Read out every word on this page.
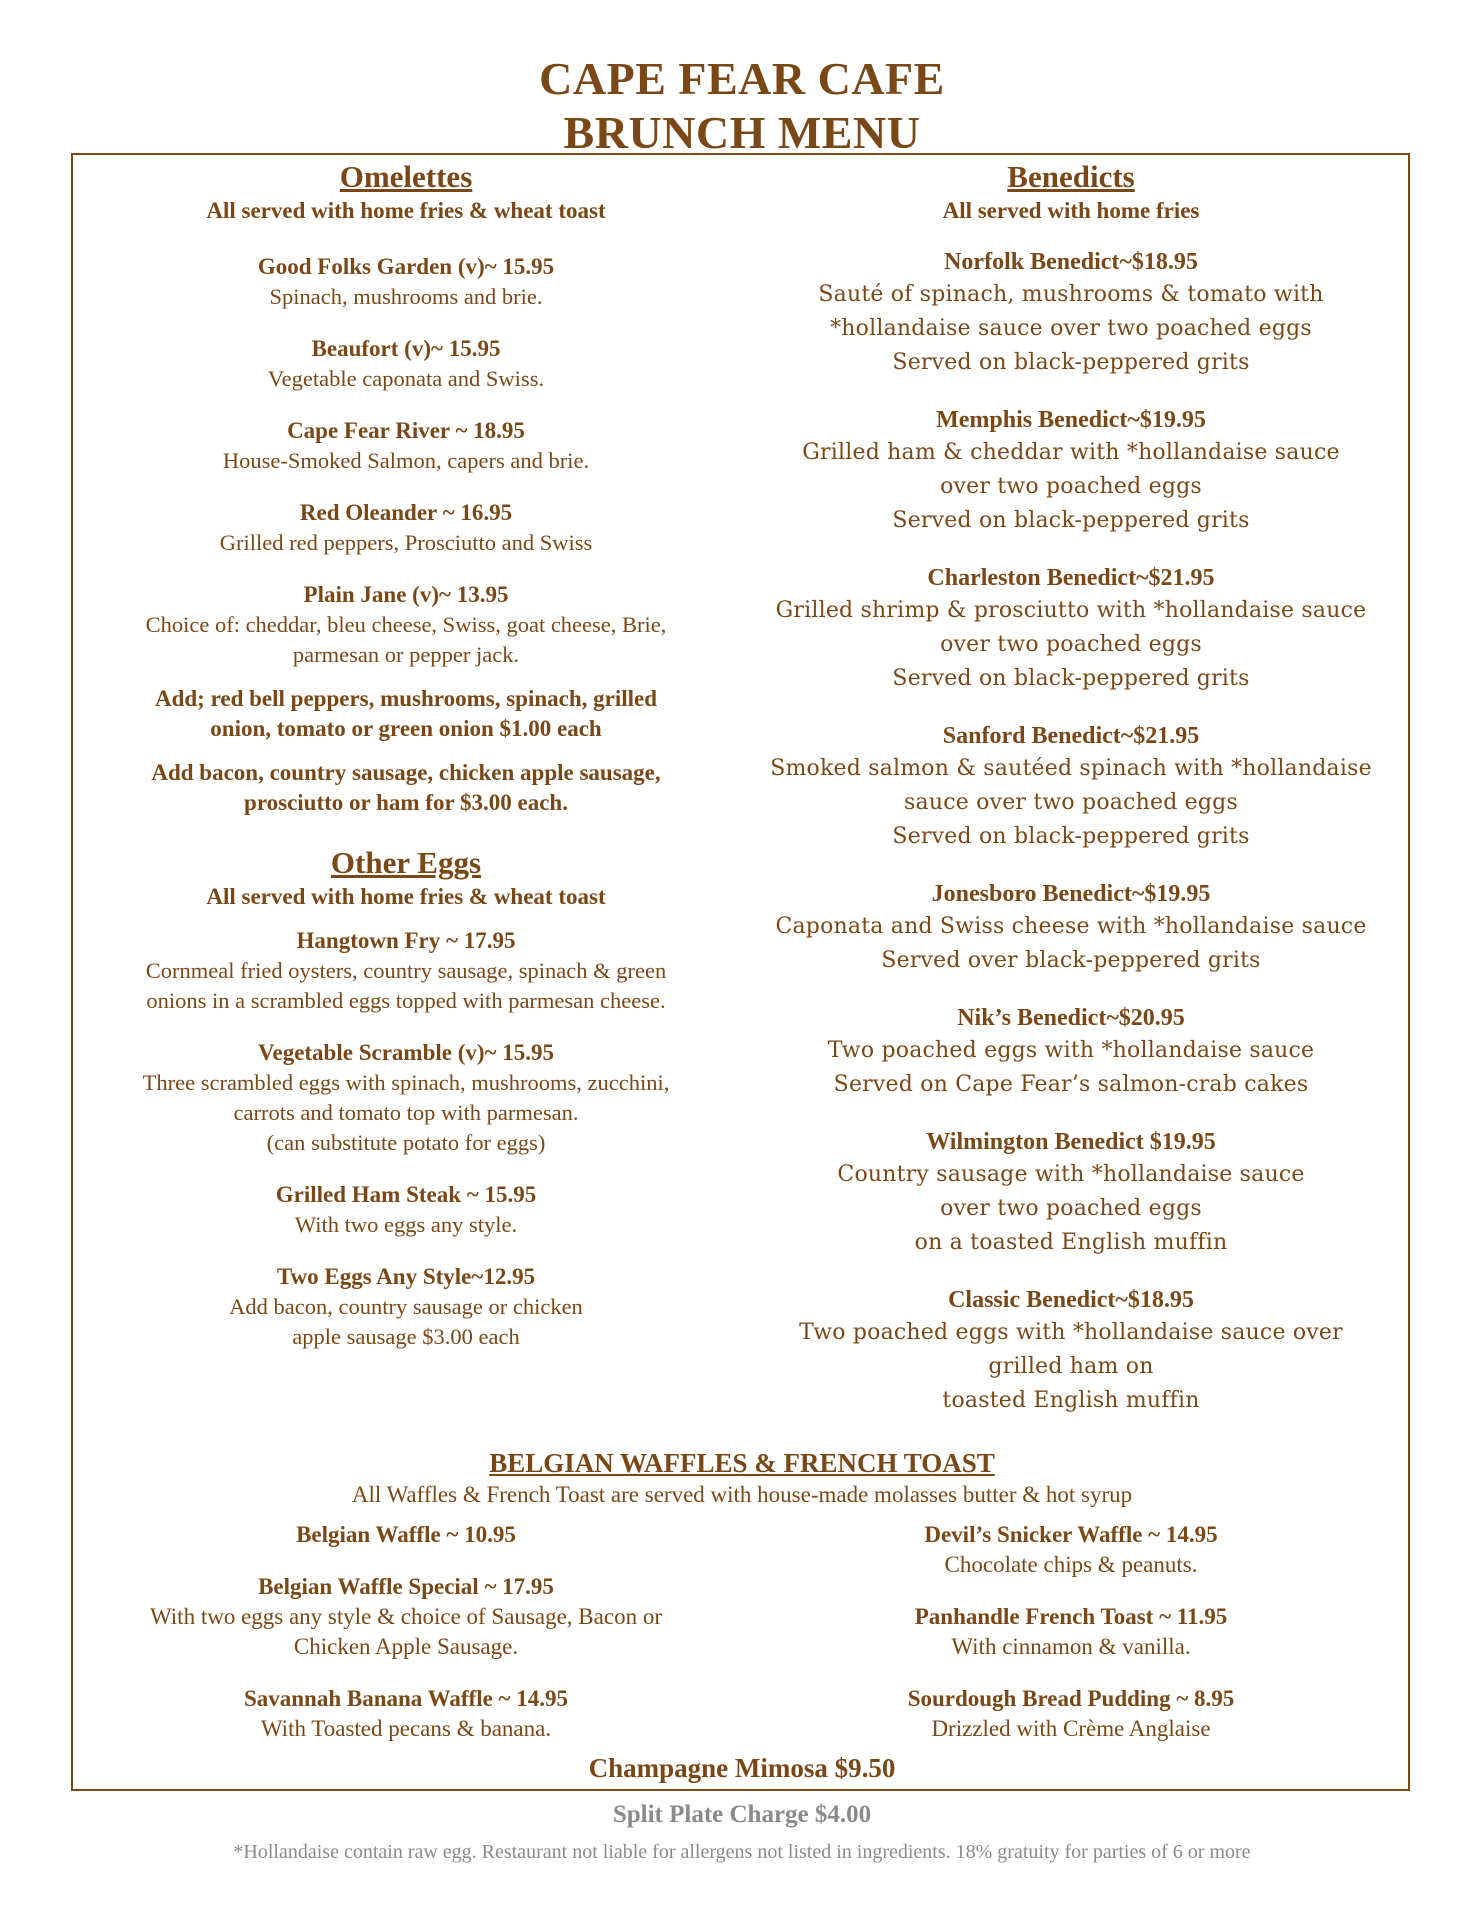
CAPE FEAR CAFE
BRUNCH MENU
Omelettes
All served with home fries & wheat toast
Good Folks Garden (v)~ 15.95
Spinach, mushrooms and brie.
Beaufort (v)~ 15.95
Vegetable caponata and Swiss.
Cape Fear River ~ 18.95
House-Smoked Salmon, capers and brie.
Red Oleander ~ 16.95
Grilled red peppers, Prosciutto and Swiss
Plain Jane (v)~ 13.95
Choice of: cheddar, bleu cheese, Swiss, goat cheese, Brie,
parmesan or pepper jack.
Add; red bell peppers, mushrooms, spinach, grilled
onion, tomato or green onion $1.00 each
Add bacon, country sausage, chicken apple sausage,
prosciutto or ham for $3.00 each.
Other Eggs
All served with home fries & wheat toast
Hangtown Fry ~ 17.95
Cornmeal fried oysters, country sausage, spinach & green
onions in a scrambled eggs topped with parmesan cheese.
Vegetable Scramble (v)~ 15.95
Three scrambled eggs with spinach, mushrooms, zucchini,
carrots and tomato top with parmesan.
(can substitute potato for eggs)
Grilled Ham Steak ~ 15.95
With two eggs any style.
Two Eggs Any Style~12.95
Add bacon, country sausage or chicken
apple sausage $3.00 each
Benedicts
All served with home fries
Norfolk Benedict~$18.95
Sauté of spinach, mushrooms & tomato with
*hollandaise sauce over two poached eggs
Served on black-peppered grits
Memphis Benedict~$19.95
Grilled ham & cheddar with *hollandaise sauce
over two poached eggs
Served on black-peppered grits
Charleston Benedict~$21.95
Grilled shrimp & prosciutto with *hollandaise sauce
over two poached eggs
Served on black-peppered grits
Sanford Benedict~$21.95
Smoked salmon & sautéed spinach with *hollandaise
sauce over two poached eggs
Served on black-peppered grits
Jonesboro Benedict~$19.95
Caponata and Swiss cheese with *hollandaise sauce
Served over black-peppered grits
Nik’s Benedict~$20.95
Two poached eggs with *hollandaise sauce
Served on Cape Fear’s salmon-crab cakes
Wilmington Benedict $19.95
Country sausage with *hollandaise sauce
over two poached eggs
on a toasted English muffin
Classic Benedict~$18.95
Two poached eggs with *hollandaise sauce over
grilled ham on
toasted English muffin
BELGIAN WAFFLES & FRENCH TOAST
All Waffles & French Toast are served with house-made molasses butter & hot syrup
Belgian Waffle ~ 10.95
Belgian Waffle Special ~ 17.95
With two eggs any style & choice of Sausage, Bacon or
Chicken Apple Sausage.
Savannah Banana Waffle ~ 14.95
With Toasted pecans & banana.
Devil’s Snicker Waffle ~ 14.95
Chocolate chips & peanuts.
Panhandle French Toast ~ 11.95
With cinnamon & vanilla.
Sourdough Bread Pudding ~ 8.95
Drizzled with Crème Anglaise
Champagne Mimosa $9.50
Split Plate Charge $4.00
*Hollandaise contain raw egg. Restaurant not liable for allergens not listed in ingredients. 18% gratuity for parties of 6 or more
